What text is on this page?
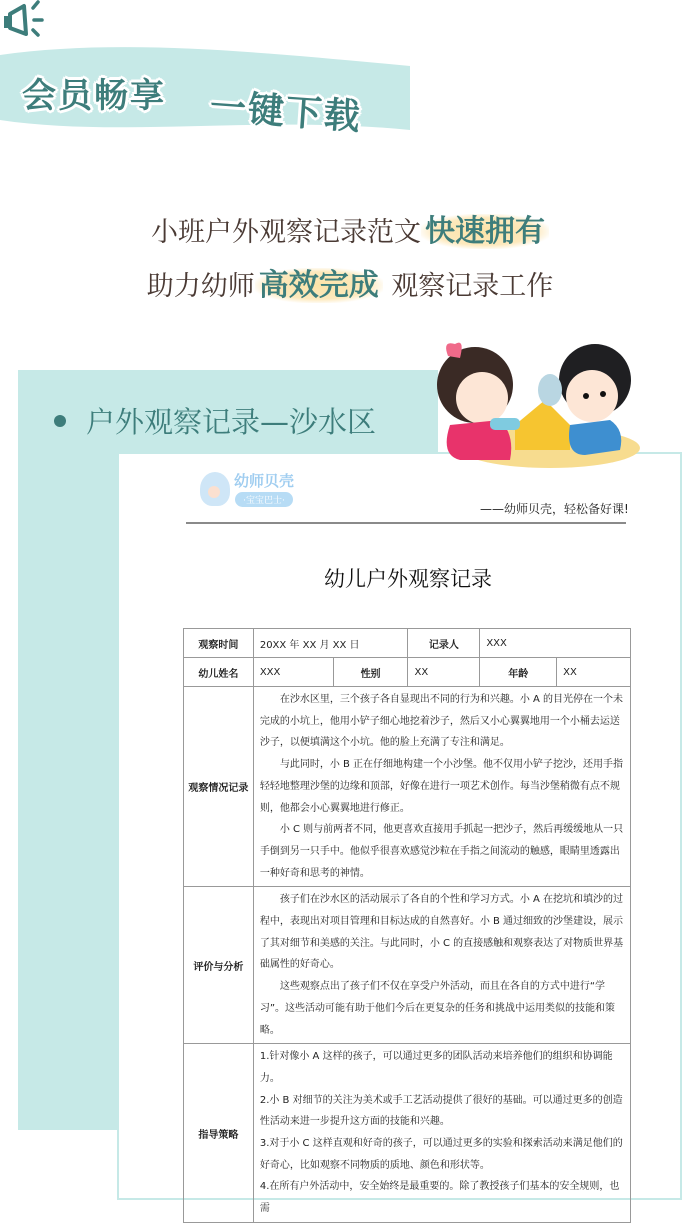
会员畅享 一键下载
小班户外观察记录范文 快速拥有
助力幼师 高效完成 观察记录工作
户外观察记录—沙水区
幼师贝壳
·宝宝巴士·
——幼师贝壳，轻松备好课!
幼儿户外观察记录
观察时间	20XX 年 XX 月 XX 日		记录人	XXX	
幼儿姓名	XXX	性别	XX	年龄	XX
观察情况记录	在沙水区里，三个孩子各自显现出不同的行为和兴趣。小 A 的目光停在一个未完成的小坑上，他用小铲子细心地挖着沙子，然后又小心翼翼地用一个小桶去运送沙子，以便填满这个小坑。他的脸上充满了专注和满足。

与此同时，小 B 正在仔细地构建一个小沙堡。他不仅用小铲子挖沙，还用手指轻轻地整理沙堡的边缘和顶部，好像在进行一项艺术创作。每当沙堡稍微有点不规则，他都会小心翼翼地进行修正。

小 C 则与前两者不同，他更喜欢直接用手抓起一把沙子，然后再缓缓地从一只手倒到另一只手中。他似乎很喜欢感觉沙粒在手指之间流动的触感，眼睛里透露出一种好奇和思考的神情。				

评价与分析	孩子们在沙水区的活动展示了各自的个性和学习方式。小 A 在挖坑和填沙的过程中，表现出对项目管理和目标达成的自然喜好。小 B 通过细致的沙堡建设，展示了其对细节和美感的关注。与此同时，小 C 的直接感触和观察表达了对物质世界基础属性的好奇心。

这些观察点出了孩子们不仅在享受户外活动，而且在各自的方式中进行“学习”。这些活动可能有助于他们今后在更复杂的任务和挑战中运用类似的技能和策略。				

指导策略	1.针对像小 A 这样的孩子，可以通过更多的团队活动来培养他们的组织和协调能力。

2.小 B 对细节的关注为美术或手工艺活动提供了很好的基础。可以通过更多的创造性活动来进一步提升这方面的技能和兴趣。

3.对于小 C 这样直观和好奇的孩子，可以通过更多的实验和探索活动来满足他们的好奇心，比如观察不同物质的质地、颜色和形状等。

4.在所有户外活动中，安全始终是最重要的。除了教授孩子们基本的安全规则，也需				
